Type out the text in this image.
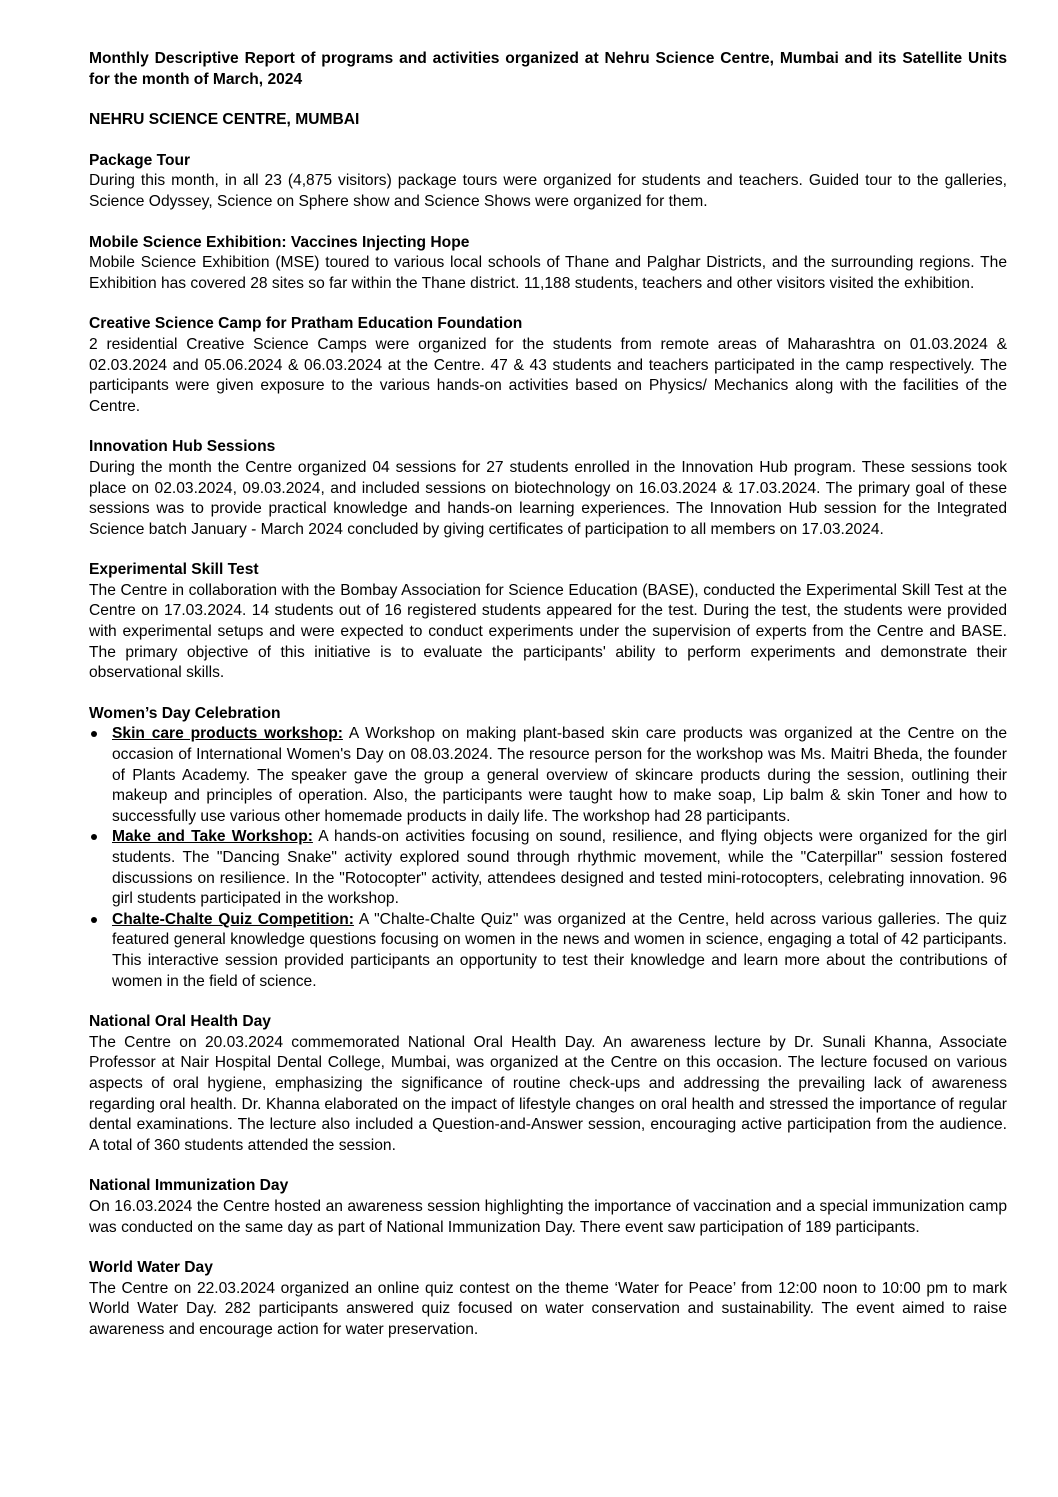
Monthly Descriptive Report of programs and activities organized at Nehru Science Centre, Mumbai and its Satellite Units for the month of March, 2024
NEHRU SCIENCE CENTRE, MUMBAI
Package Tour

During this month, in all 23 (4,875 visitors) package tours were organized for students and teachers. Guided tour to the galleries, Science Odyssey, Science on Sphere show and Science Shows were organized for them.

Mobile Science Exhibition: Vaccines Injecting Hope

Mobile Science Exhibition (MSE) toured to various local schools of Thane and Palghar Districts, and the surrounding regions. The Exhibition has covered 28 sites so far within the Thane district. 11,188 students, teachers and other visitors visited the exhibition.

Creative Science Camp for Pratham Education Foundation

2 residential Creative Science Camps were organized for the students from remote areas of Maharashtra on 01.03.2024 & 02.03.2024 and 05.06.2024 & 06.03.2024 at the Centre. 47 & 43 students and teachers participated in the camp respectively. The participants were given exposure to the various hands-on activities based on Physics/ Mechanics along with the facilities of the Centre.

Innovation Hub Sessions

During the month the Centre organized 04 sessions for 27 students enrolled in the Innovation Hub program. These sessions took place on 02.03.2024, 09.03.2024, and included sessions on biotechnology on 16.03.2024 & 17.03.2024. The primary goal of these sessions was to provide practical knowledge and hands-on learning experiences. The Innovation Hub session for the Integrated Science batch January - March 2024 concluded by giving certificates of participation to all members on 17.03.2024.

Experimental Skill Test

The Centre in collaboration with the Bombay Association for Science Education (BASE), conducted the Experimental Skill Test at the Centre on 17.03.2024. 14 students out of 16 registered students appeared for the test. During the test, the students were provided with experimental setups and were expected to conduct experiments under the supervision of experts from the Centre and BASE. The primary objective of this initiative is to evaluate the participants' ability to perform experiments and demonstrate their observational skills.

Women’s Day Celebration
Skin care products workshop: A Workshop on making plant-based skin care products was organized at the Centre on the occasion of International Women's Day on 08.03.2024. The resource person for the workshop was Ms. Maitri Bheda, the founder of Plants Academy. The speaker gave the group a general overview of skincare products during the session, outlining their makeup and principles of operation. Also, the participants were taught how to make soap, Lip balm & skin Toner and how to successfully use various other homemade products in daily life. The workshop had 28 participants.
Make and Take Workshop: A hands-on activities focusing on sound, resilience, and flying objects were organized for the girl students. The "Dancing Snake" activity explored sound through rhythmic movement, while the "Caterpillar" session fostered discussions on resilience. In the "Rotocopter" activity, attendees designed and tested mini-rotocopters, celebrating innovation. 96 girl students participated in the workshop.
Chalte-Chalte Quiz Competition: A "Chalte-Chalte Quiz" was organized at the Centre, held across various galleries. The quiz featured general knowledge questions focusing on women in the news and women in science, engaging a total of 42 participants. This interactive session provided participants an opportunity to test their knowledge and learn more about the contributions of women in the field of science.
National Oral Health Day

The Centre on 20.03.2024 commemorated National Oral Health Day. An awareness lecture by Dr. Sunali Khanna, Associate Professor at Nair Hospital Dental College, Mumbai, was organized at the Centre on this occasion. The lecture focused on various aspects of oral hygiene, emphasizing the significance of routine check-ups and addressing the prevailing lack of awareness regarding oral health. Dr. Khanna elaborated on the impact of lifestyle changes on oral health and stressed the importance of regular dental examinations. The lecture also included a Question-and-Answer session, encouraging active participation from the audience. A total of 360 students attended the session.

National Immunization Day

On 16.03.2024 the Centre hosted an awareness session highlighting the importance of vaccination and a special immunization camp was conducted on the same day as part of National Immunization Day. There event saw participation of 189 participants.

World Water Day

The Centre on 22.03.2024 organized an online quiz contest on the theme ‘Water for Peace’ from 12:00 noon to 10:00 pm to mark World Water Day. 282 participants answered quiz focused on water conservation and sustainability. The event aimed to raise awareness and encourage action for water preservation.
